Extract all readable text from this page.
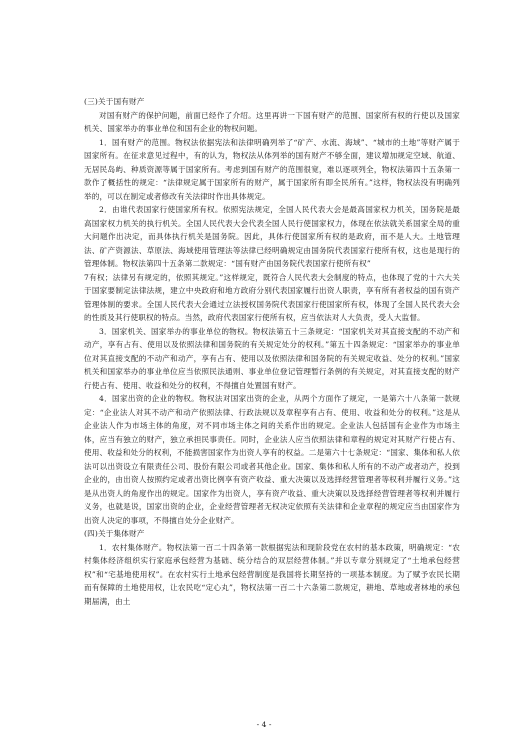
(三)关于国有财产

对国有财产的保护问题，前面已经作了介绍。这里再讲一下国有财产的范围、国家所有权的行使以及国家机关、国家举办的事业单位和国有企业的物权问题。

1．国有财产的范围。物权法依据宪法和法律明确列举了“矿产、水流、海域”、“城市的土地”等财产属于国家所有。在征求意见过程中，有的认为，物权法从体列举的国有财产不够全面，建议增加规定空域、航道、无居民岛屿、种质资源等属于国家所有。考虑到国有财产的范围很宽，难以逐项列全，物权法第四十五条第一款作了概括性的规定：“法律规定属于国家所有的财产，属于国家所有即全民所有。”这样，物权法没有明确列举的，可以在制定或者修改有关法律时作出具体规定。

2．由谁代表国家行使国家所有权。依照宪法规定，全国人民代表大会是最高国家权力机关，国务院是最高国家权力机关的执行机关。全国人民代表大会代表全国人民行使国家权力，体现在依法就关系国家全局的重大问题作出决定，而具体执行机关是国务院。因此，具体行使国家所有权的是政府，而不是人大。土地管理法、矿产资源法、草原法、海域使用管理法等法律已经明确规定由国务院代表国家行使所有权，这也是现行的管理体制。物权法第四十五条第二款规定：“国有财产由国务院代表国家行使所有权”

7有权；法律另有规定的，依照其规定。”这样规定，既符合人民代表大会制度的特点，也体现了党的十六大关于国家要制定法律法规，建立中央政府和地方政府分别代表国家履行出资人职责，享有所有者权益的国有资产管理体制的要求。全国人民代表大会通过立法授权国务院代表国家行使国家所有权，体现了全国人民代表大会的性质及其行使职权的特点。当然，政府代表国家行使所有权，应当依法对人大负责，受人大监督。

3．国家机关、国家举办的事业单位的物权。物权法第五十三条规定：“国家机关对其直接支配的不动产和动产，享有占有、使用以及依照法律和国务院的有关规定处分的权利。”第五十四条规定：“国家举办的事业单位对其直接支配的不动产和动产，享有占有、使用以及依照法律和国务院的有关规定收益、处分的权利。”国家机关和国家举办的事业单位应当依照民法通则、事业单位登记管理暂行条例的有关规定，对其直接支配的财产行使占有、使用、收益和处分的权利，不得擅自处置国有财产。

4．国家出资的企业的物权。物权法对国家出资的企业，从两个方面作了规定，一是第六十八条第一款规定：“企业法人对其不动产和动产依照法律、行政法规以及章程享有占有、使用、收益和处分的权利。”这是从企业法人作为市场主体的角度，对不同市场主体之间的关系作出的规定。企业法人包括国有企业作为市场主体，应当有独立的财产，独立承担民事责任。同时，企业法人应当依照法律和章程的规定对其财产行使占有、使用、收益和处分的权利，不能损害国家作为出资人享有的权益。二是第六十七条规定：“国家、集体和私人依法可以出资设立有限责任公司、股份有限公司或者其他企业。国家、集体和私人所有的不动产或者动产，投到企业的，由出资人按照约定或者出资比例享有资产收益、重大决策以及选择经营管理者等权利并履行义务。”这是从出资人的角度作出的规定。国家作为出资人，享有资产收益、重大决策以及选择经营管理者等权利并履行义务，也就是说，国家出资的企业，企业经营管理者无权决定依照有关法律和企业章程的规定应当由国家作为出资人决定的事项，不得擅自处分企业财产。

(四)关于集体财产

1．农村集体财产。物权法第一百二十四条第一款根据宪法和现阶段党在农村的基本政策，明确规定：“农村集体经济组织实行家庭承包经营为基础、统分结合的双层经营体制。”并以专章分别规定了“土地承包经营权”和“宅基地使用权”。在农村实行土地承包经营制度是我国将长期坚持的一项基本制度。为了赋予农民长期而有保障的土地使用权，让农民吃“定心丸”，物权法第一百二十六条第二款规定，耕地、草地或者林地的承包期届满，由土

- 4 -
